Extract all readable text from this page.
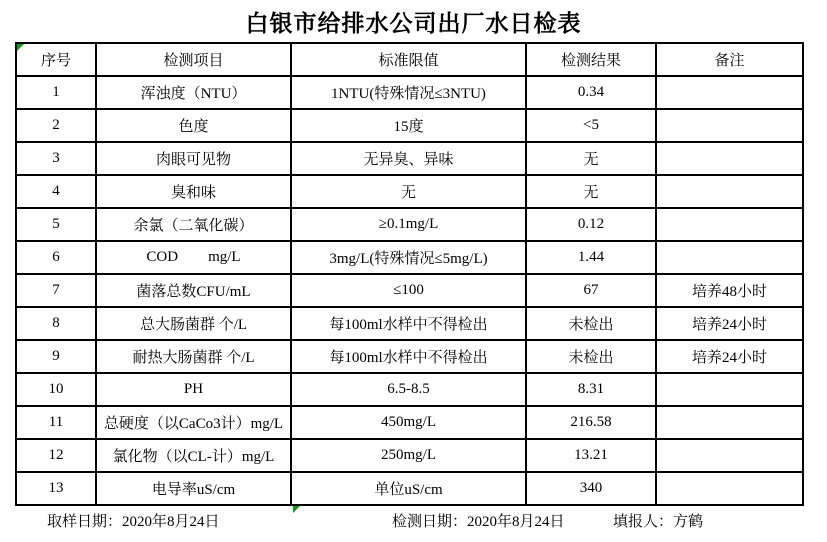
白银市给排水公司出厂水日检表
序号	检测项目	标准限值	检测结果	备注
1	浑浊度（NTU）	1NTU(特殊情况≤3NTU)	0.34	
2	色度	15度	<5	
3	肉眼可见物	无异臭、异味	无	
4	臭和味	无	无	
5	余氯（二氧化碳）	≥0.1mg/L	0.12	
6	COD        mg/L	3mg/L(特殊情况≤5mg/L)	1.44	
7	菌落总数CFU/mL	≤100	67	培养48小时
8	总大肠菌群 个/L	每100ml水样中不得检出	未检出	培养24小时
9	耐热大肠菌群 个/L	每100ml水样中不得检出	未检出	培养24小时
10	PH	6.5-8.5	8.31	
11	总硬度（以CaCo3计）mg/L	450mg/L	216.58	
12	氯化物（以CL-计）mg/L	250mg/L	13.21	
13	电导率uS/cm	单位uS/cm	340	
取样日期：2020年8月24日	检测日期：2020年8月24日	填报人：方鹤
